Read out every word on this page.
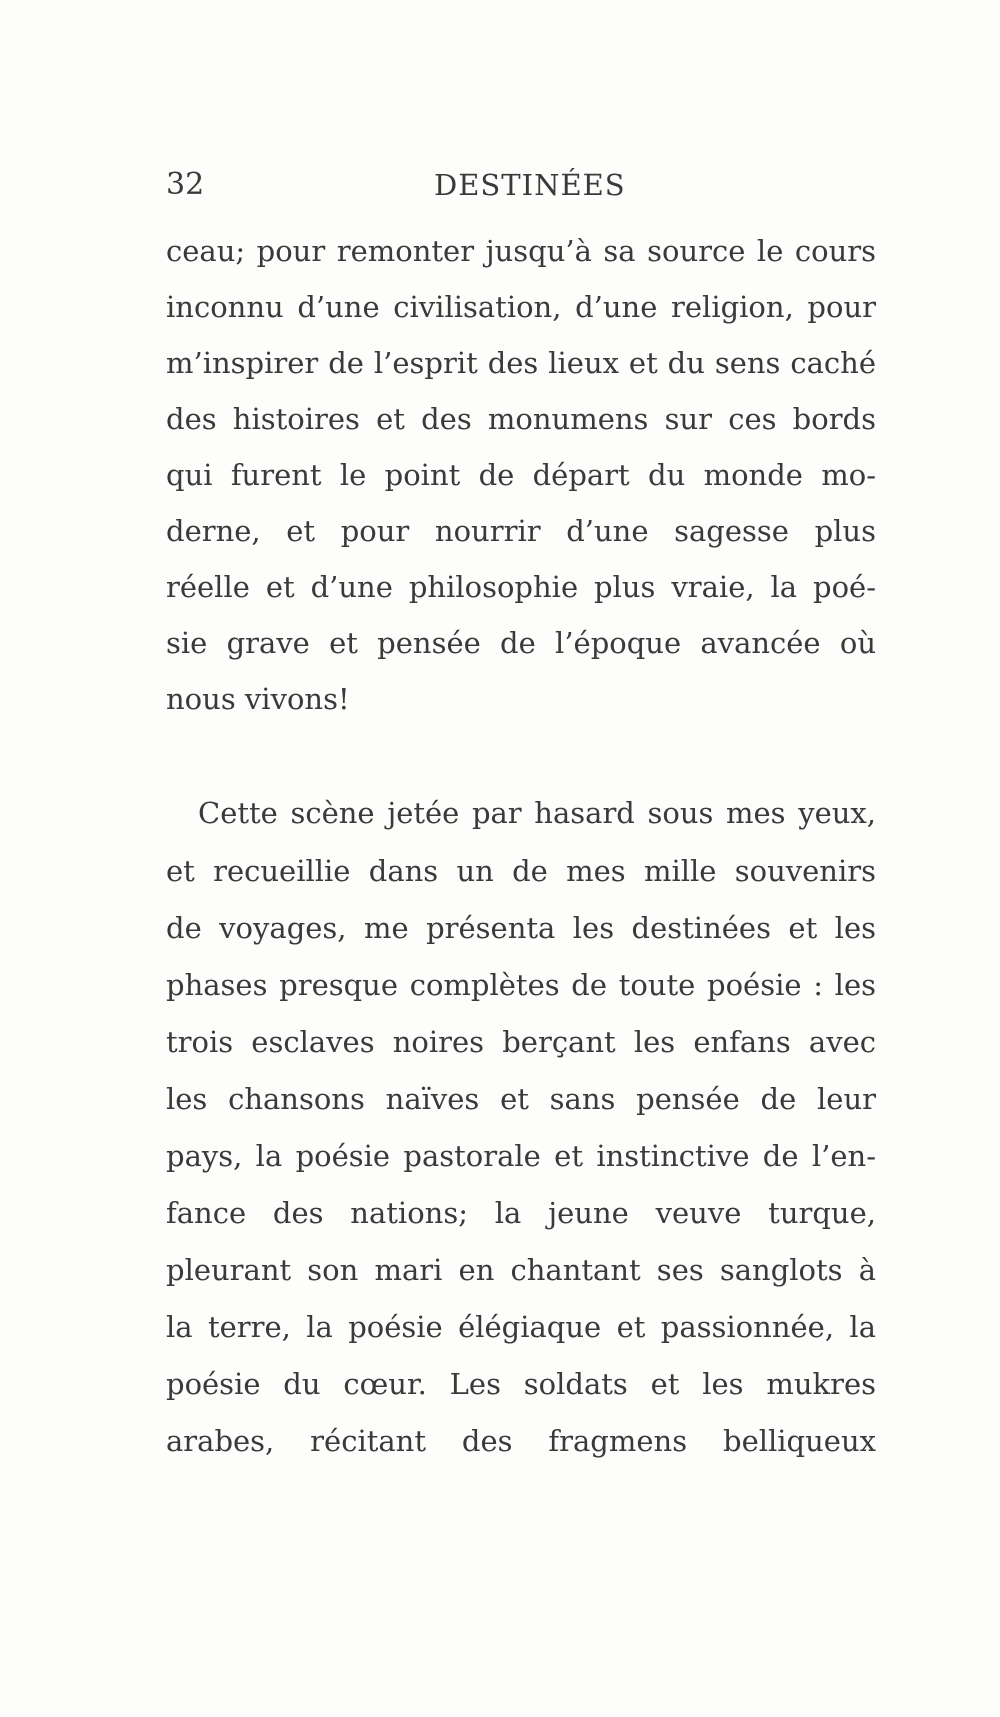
32	DESTINÉES

ceau; pour remonter jusqu’à sa source le cours

inconnu d’une civilisation, d’une religion, pour

m’inspirer de l’esprit des lieux et du sens caché

des histoires et des monumens sur ces bords

qui furent le point de départ du monde mo-

derne, et pour nourrir d’une sagesse plus

réelle et d’une philosophie plus vraie, la poé-

sie grave et pensée de l’époque avancée où

nous vivons!

Cette scène jetée par hasard sous mes yeux,

et recueillie dans un de mes mille souvenirs

de voyages, me présenta les destinées et les

phases presque complètes de toute poésie : les

trois esclaves noires berçant les enfans avec

les chansons naïves et sans pensée de leur

pays, la poésie pastorale et instinctive de l’en-

fance des nations; la jeune veuve turque,

pleurant son mari en chantant ses sanglots à

la terre, la poésie élégiaque et passionnée, la

poésie du cœur. Les soldats et les mukres

arabes, récitant des fragmens belliqueux
